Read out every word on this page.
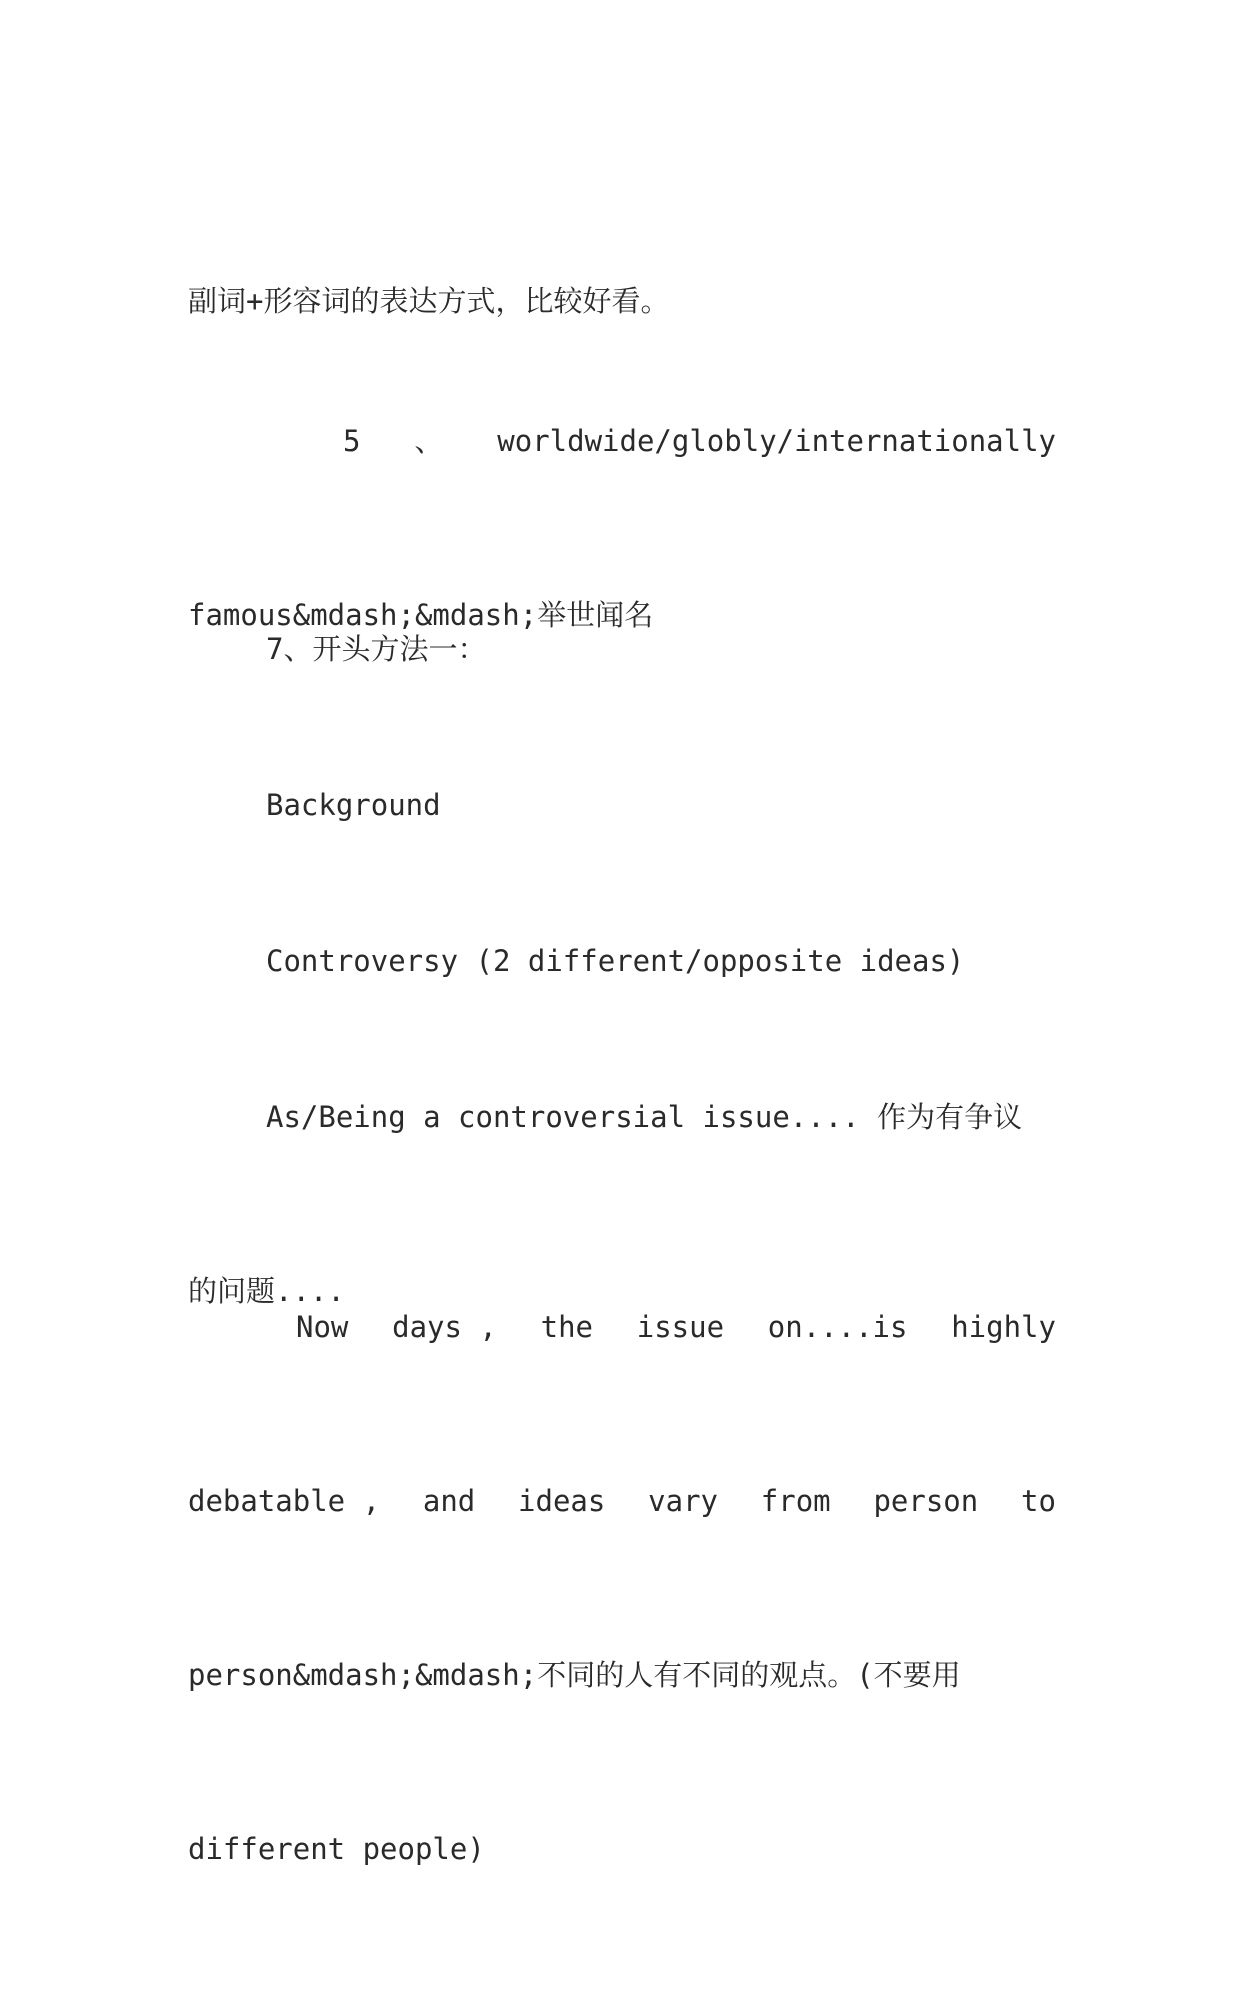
副词+形容词的表达方式，比较好看。

5 、 worldwide/globly/internationally

famous&mdash;&mdash;举世闻名

7、开头方法一：

Background

Controversy (2 different/opposite ideas)

As/Being a controversial issue.... 作为有争议

的问题....

Now days , the issue on....is highly

debatable , and ideas vary from person to

person&mdash;&mdash;不同的人有不同的观点。(不要用

different people)
